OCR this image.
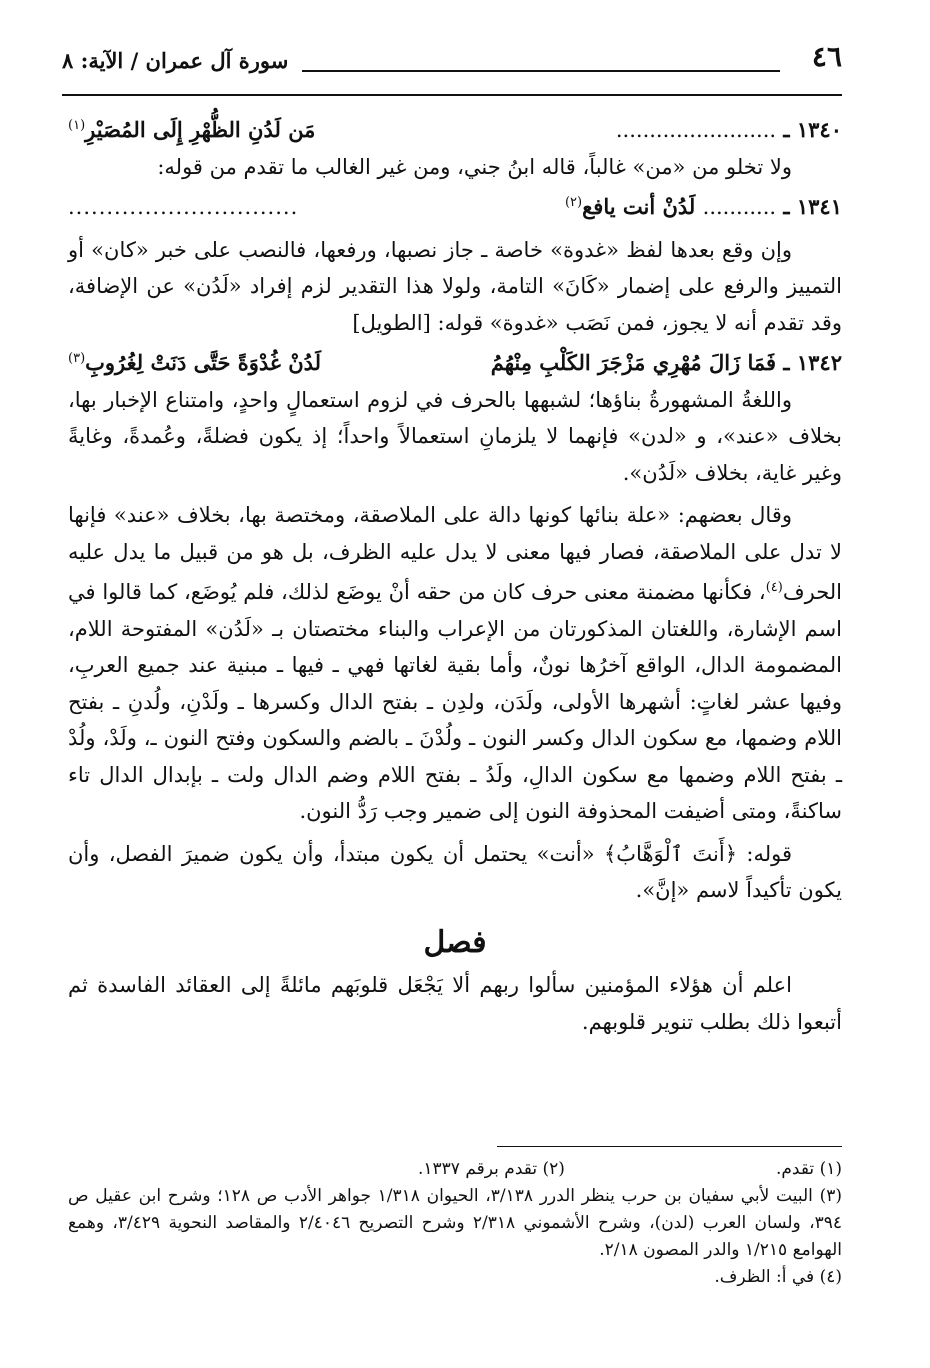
٤٦
سورة آل عمران / الآية: ٨
١٣٤٠ ـ ........................
مَن لَدُنِ الظُّهْرِ إِلَى المُصَيْرِ$^{(١)}$

ولا تخلو من «من» غالباً، قاله ابنُ جني، ومن غير الغالب ما تقدم من قوله:

١٣٤١ ـ ........... لَدُنْ أنت يافع$^{(٢)}$
..............................

وإن وقع بعدها لفظ «غدوة» خاصة ـ جاز نصبها، ورفعها، فالنصب على خبر «كان» أو التمييز والرفع على إضمار «كَانَ» التامة، ولولا هذا التقدير لزم إفراد «لَدُن» عن الإضافة، وقد تقدم أنه لا يجوز، فمن نَصَب «غدوة» قوله: [الطويل]

١٣٤٢ ـ فَمَا زَالَ مُهْرِي مَزْجَرَ الكَلْبِ مِنْهُمُ
لَدُنْ غُدْوَةً حَتَّى دَنَتْ لِغُرُوبِ$^{(٣)}$

واللغةُ المشهورةُ بناؤها؛ لشبهها بالحرف في لزوم استعمالٍ واحدٍ، وامتناع الإخبار بها، بخلاف «عند»، و «لدن» فإنهما لا يلزمانِ استعمالاً واحداً؛ إذ يكون فضلةً، وعُمدةً، وغايةً وغير غاية، بخلاف «لَدُن».

وقال بعضهم: «علة بنائها كونها دالة على الملاصقة، ومختصة بها، بخلاف «عند» فإنها لا تدل على الملاصقة، فصار فيها معنى لا يدل عليه الظرف، بل هو من قبيل ما يدل عليه الحرف$^{(٤)}$، فكأنها مضمنة معنى حرف كان من حقه أنْ يوضَع لذلك، فلم يُوضَع، كما قالوا في اسم الإشارة، واللغتان المذكورتان من الإعراب والبناء مختصتان بـ «لَدُن» المفتوحة اللام، المضمومة الدال، الواقع آخرُها نونٌ، وأما بقية لغاتها فهي ـ فيها ـ مبنية عند جميع العربِ، وفيها عشر لغاتٍ: أشهرها الأولى، ولَدَن، ولدِن ـ بفتح الدال وكسرها ـ ولَدْنِ، ولُدنِ ـ بفتح اللام وضمها، مع سكون الدال وكسر النون ـ ولُدْنَ ـ بالضم والسكون وفتح النون ـ، ولَدْ، ولُدْ ـ بفتح اللام وضمها مع سكون الدالِ، ولَدُ ـ بفتح اللام وضم الدال ولت ـ بإبدال الدال تاء ساكنةً، ومتى أضيفت المحذوفة النون إلى ضمير وجب رَدُّ النون.

قوله: ﴿أَنتَ ٱلْوَهَّابُ﴾ «أنت» يحتمل أن يكون مبتدأ، وأن يكون ضميرَ الفصل، وأن يكون تأكيداً لاسم «إنَّ».

فصل

اعلم أن هؤلاء المؤمنين سألوا ربهم ألا يَجْعَل قلوبَهم مائلةً إلى العقائد الفاسدة ثم أتبعوا ذلك بطلب تنوير قلوبهم.

(١) تقدم.
(٢) تقدم برقم ١٣٣٧.
(٣) البيت لأبي سفيان بن حرب ينظر الدرر ٣/١٣٨، الحيوان ١/٣١٨ جواهر الأدب ص ١٢٨؛ وشرح ابن عقيل ص ٣٩٤، ولسان العرب (لدن)، وشرح الأشموني ٢/٣١٨ وشرح التصريح ٢/٤٠٤٦ والمقاصد النحوية ٣/٤٢٩، وهمع الهوامع ١/٢١٥ والدر المصون ٢/١٨.
(٤) في أ: الظرف.
